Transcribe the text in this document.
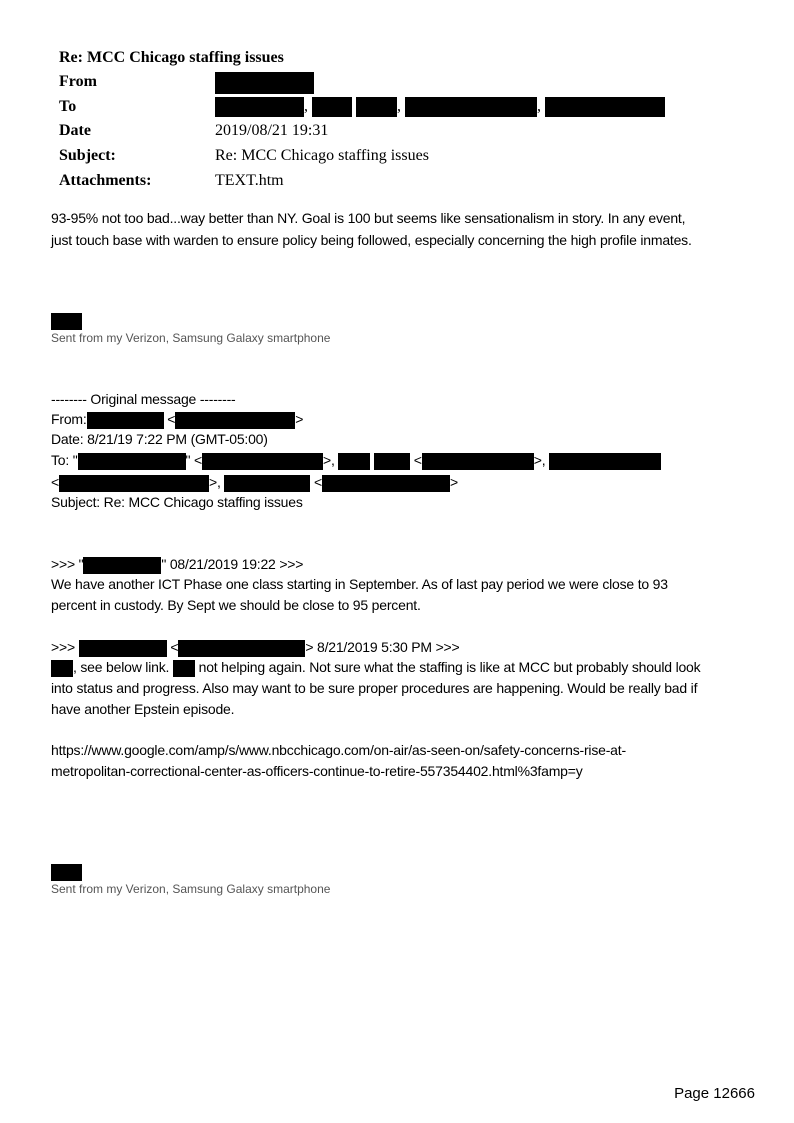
Re: MCC Chicago staffing issues
From
To	,	,	,
Date	2019/08/21 19:31
Subject:	Re: MCC Chicago staffing issues
Attachments:	TEXT.htm
93-95% not too bad...way better than NY. Goal is 100 but seems like sensationalism in story. In any event,
just touch base with warden to ensure policy being followed, especially concerning the high profile inmates.
Sent from my Verizon, Samsung Galaxy smartphone
-------- Original message --------
From:	<	>
Date: 8/21/19 7:22 PM (GMT-05:00)
To: "	" <	>,	<	>,
<	>,	<	>
Subject: Re: MCC Chicago staffing issues
>>> "	" 08/21/2019 19:22 >>>
We have another ICT Phase one class starting in September. As of last pay period we were close to 93
percent in custody. By Sept we should be close to 95 percent.
>>>	<	> 8/21/2019 5:30 PM >>>
, see below link. not helping again. Not sure what the staffing is like at MCC but probably should look
into status and progress. Also may want to be sure proper procedures are happening. Would be really bad if
have another Epstein episode.
https://www.google.com/amp/s/www.nbcchicago.com/on-air/as-seen-on/safety-concerns-rise-at-
metropolitan-correctional-center-as-officers-continue-to-retire-557354402.html%3famp=y
Sent from my Verizon, Samsung Galaxy smartphone
Page 12666
